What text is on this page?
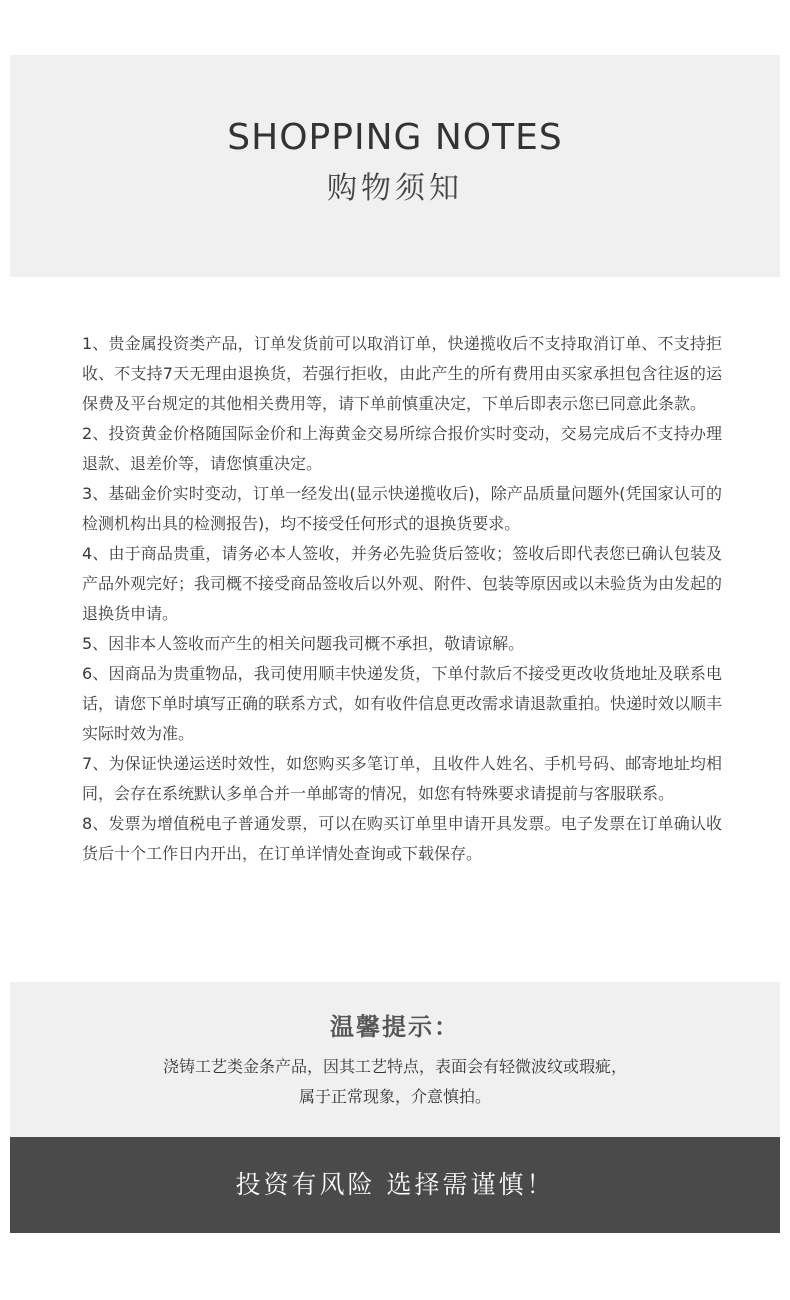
SHOPPING NOTES
购物须知
1、贵金属投资类产品，订单发货前可以取消订单，快递揽收后不支持取消订单、不支持拒收、不支持7天无理由退换货，若强行拒收，由此产生的所有费用由买家承担包含往返的运保费及平台规定的其他相关费用等，请下单前慎重决定，下单后即表示您已同意此条款。
2、投资黄金价格随国际金价和上海黄金交易所综合报价实时变动，交易完成后不支持办理退款、退差价等，请您慎重决定。
3、基础金价实时变动，订单一经发出(显示快递揽收后)，除产品质量问题外(凭国家认可的检测机构出具的检测报告)，均不接受任何形式的退换货要求。
4、由于商品贵重，请务必本人签收，并务必先验货后签收；签收后即代表您已确认包装及产品外观完好；我司概不接受商品签收后以外观、附件、包装等原因或以未验货为由发起的退换货申请。
5、因非本人签收而产生的相关问题我司概不承担，敬请谅解。
6、因商品为贵重物品，我司使用顺丰快递发货，下单付款后不接受更改收货地址及联系电话，请您下单时填写正确的联系方式，如有收件信息更改需求请退款重拍。快递时效以顺丰实际时效为准。
7、为保证快递运送时效性，如您购买多笔订单，且收件人姓名、手机号码、邮寄地址均相同，会存在系统默认多单合并一单邮寄的情况，如您有特殊要求请提前与客服联系。
8、发票为增值税电子普通发票，可以在购买订单里申请开具发票。电子发票在订单确认收货后十个工作日内开出，在订单详情处查询或下载保存。
温馨提示：
浇铸工艺类金条产品，因其工艺特点，表面会有轻微波纹或瑕疵，
属于正常现象，介意慎拍。
投资有风险 选择需谨慎！
